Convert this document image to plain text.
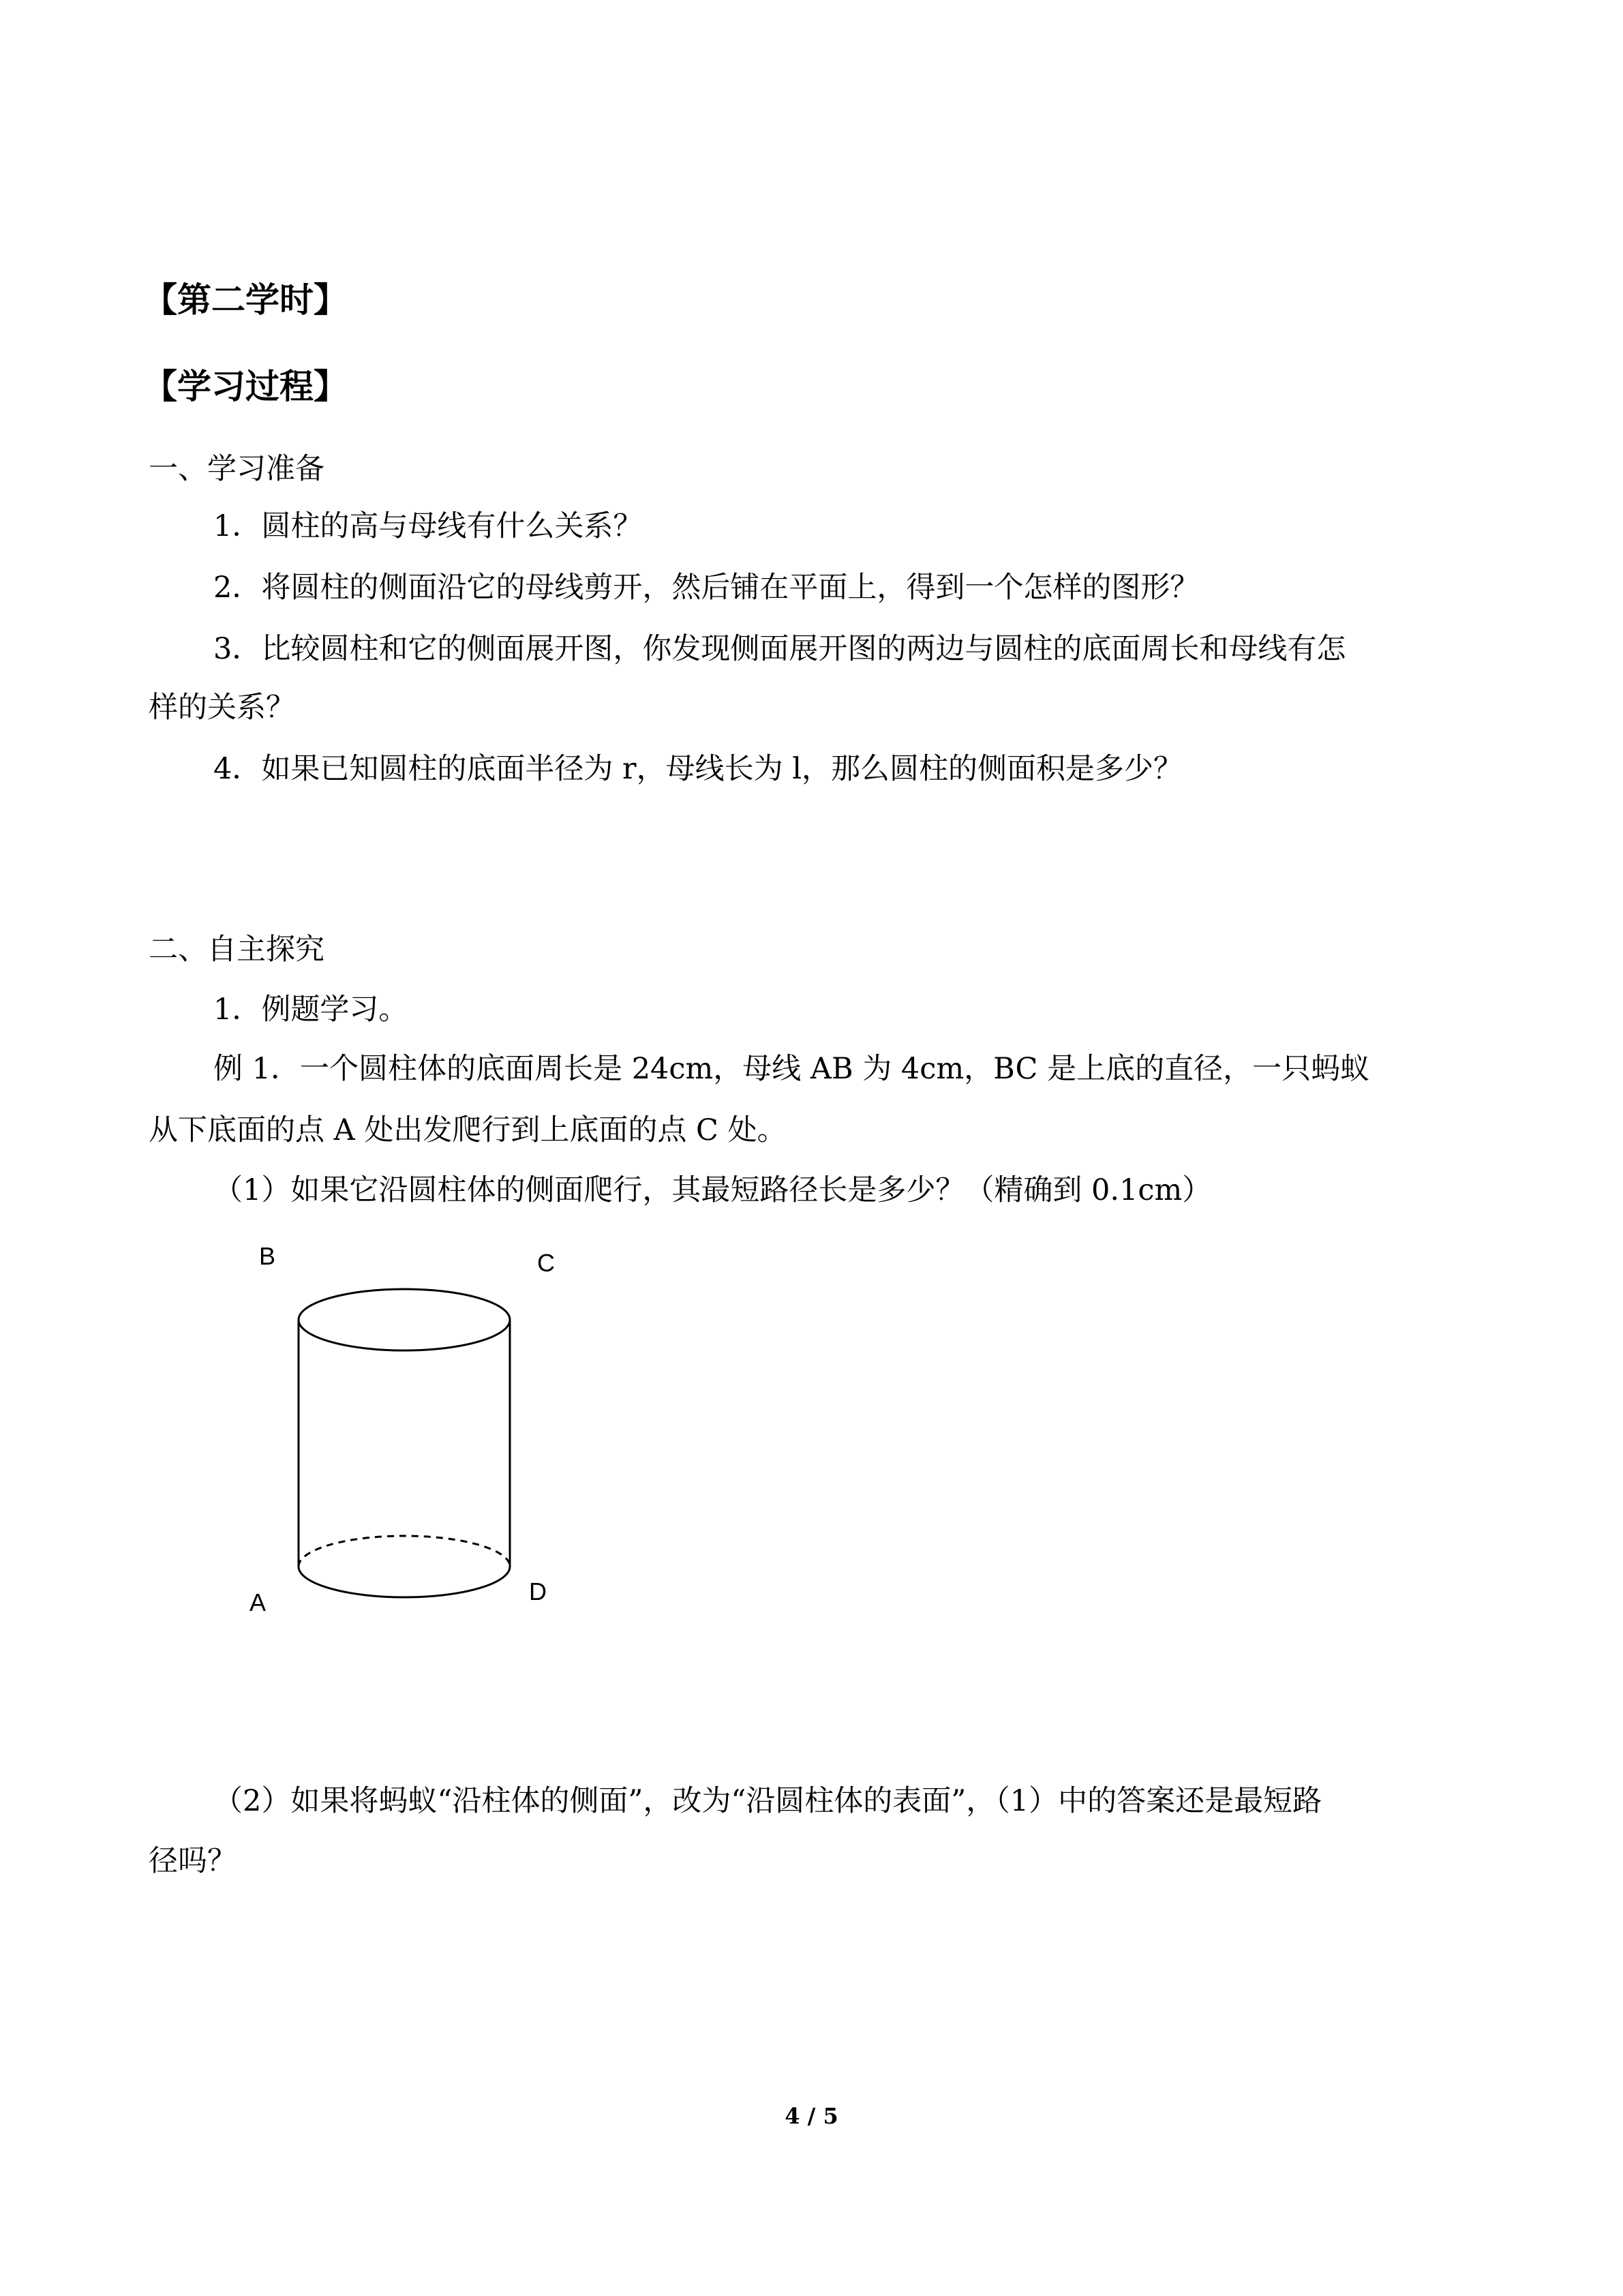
【第二学时】
【学习过程】
一、学习准备
1．圆柱的高与母线有什么关系？
2．将圆柱的侧面沿它的母线剪开，然后铺在平面上，得到一个怎样的图形？
3．比较圆柱和它的侧面展开图，你发现侧面展开图的两边与圆柱的底面周长和母线有怎
样的关系？
4．如果已知圆柱的底面半径为 r，母线长为 l，那么圆柱的侧面积是多少？
二、自主探究
1．例题学习。
例 1．一个圆柱体的底面周长是 24cm，母线 AB 为 4cm，BC 是上底的直径，一只蚂蚁
从下底面的点 A 处出发爬行到上底面的点 C 处。
（1）如果它沿圆柱体的侧面爬行，其最短路径长是多少？（精确到 0.1cm）
B	C
A	D
（2）如果将蚂蚁“沿柱体的侧面”，改为“沿圆柱体的表面”，（1）中的答案还是最短路
径吗？
4 / 5
